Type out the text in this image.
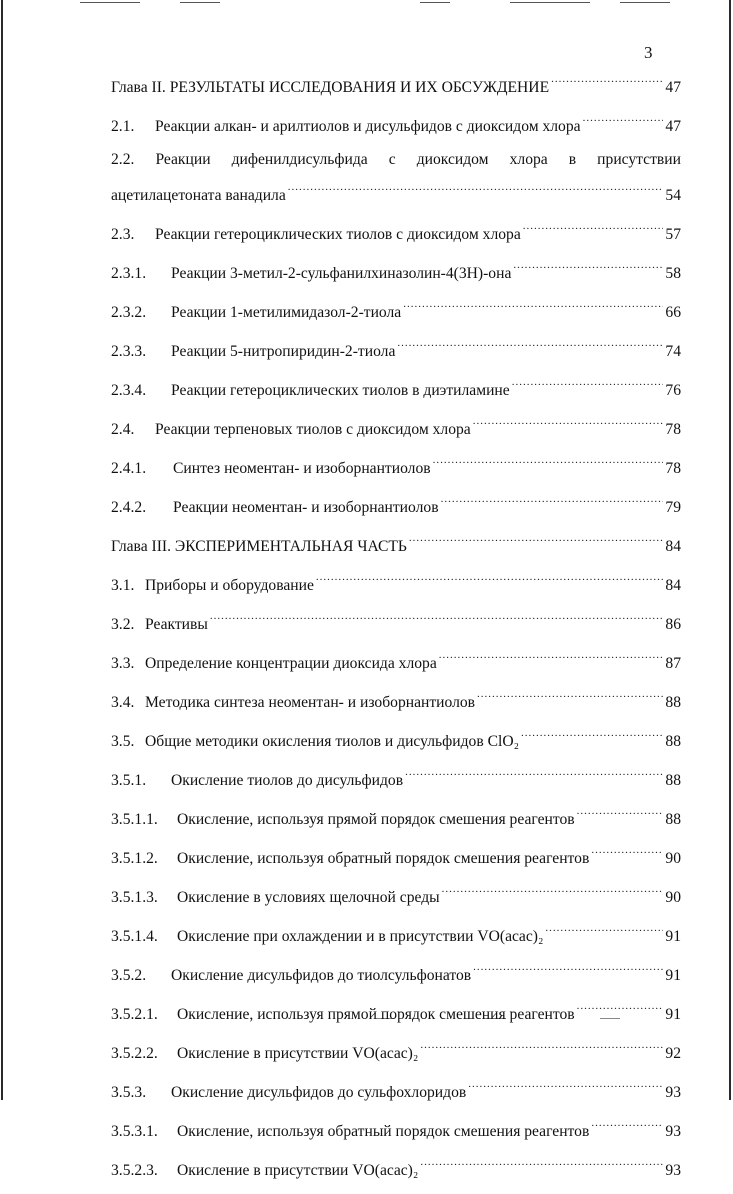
3
Глава II. РЕЗУЛЬТАТЫ ИССЛЕДОВАНИЯ И ИХ ОБСУЖДЕНИЕ .....	47
2.1. Реакции алкан- и арилтиолов и дисульфидов с диоксидом хлора .....	47
2.2. Реакции дифенилдисульфида с диоксидом хлора в присутствии
ацетилацетоната ванадила .....	54
2.3. Реакции гетероциклических тиолов с диоксидом хлора .....	57
2.3.1. Реакции 3-метил-2-сульфанилхиназолин-4(3H)-она .....	58
2.3.2. Реакции 1-метилимидазол-2-тиола .....	66
2.3.3. Реакции 5-нитропиридин-2-тиола .....	74
2.3.4. Реакции гетероциклических тиолов в диэтиламине .....	76
2.4. Реакции терпеновых тиолов с диоксидом хлора .....	78
2.4.1. Синтез неоментан- и изоборнантиолов .....	78
2.4.2. Реакции неоментан- и изоборнантиолов .....	79
Глава III. ЭКСПЕРИМЕНТАЛЬНАЯ ЧАСТЬ .....	84
3.1. Приборы и оборудование .....	84
3.2. Реактивы .....	86
3.3. Определение концентрации диоксида хлора .....	87
3.4. Методика синтеза неоментан- и изоборнантиолов .....	88
3.5. Общие методики окисления тиолов и дисульфидов ClO₂ .....	88
3.5.1. Окисление тиолов до дисульфидов .....	88
3.5.1.1. Окисление, используя прямой порядок смешения реагентов .....	88
3.5.1.2. Окисление, используя обратный порядок смешения реагентов .....	90
3.5.1.3. Окисление в условиях щелочной среды .....	90
3.5.1.4. Окисление при охлаждении и в присутствии VO(acac)₂ .....	91
3.5.2. Окисление дисульфидов до тиолсульфонатов .....	91
3.5.2.1. Окисление, используя прямой порядок смешения реагентов .....	91
3.5.2.2. Окисление в присутствии VO(acac)₂ .....	92
3.5.3. Окисление дисульфидов до сульфохлоридов .....	93
3.5.3.1. Окисление, используя обратный порядок смешения реагентов .....	93
3.5.2.3. Окисление в присутствии VO(acac)₂ .....	93
